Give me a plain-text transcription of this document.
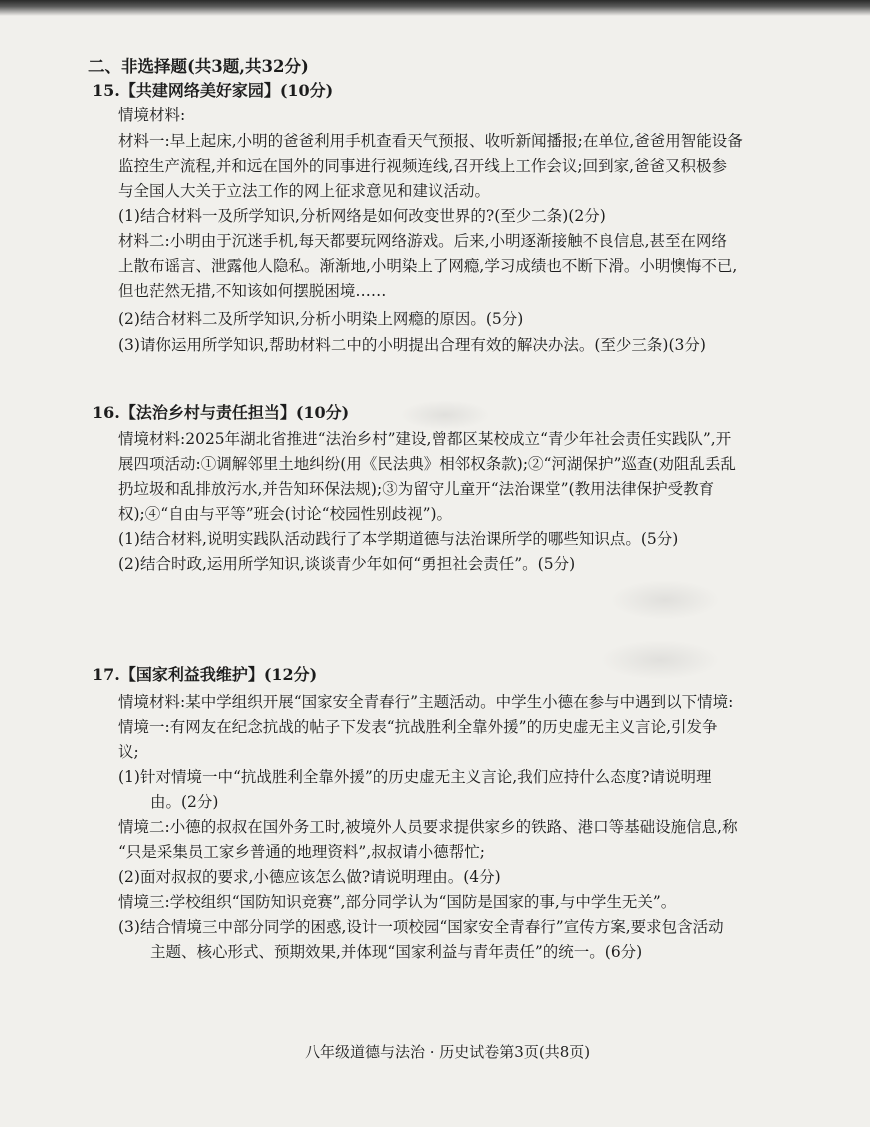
二、非选择题(共3题,共32分)
15.【共建网络美好家园】(10分)
情境材料:
材料一:早上起床,小明的爸爸利用手机查看天气预报、收听新闻播报;在单位,爸爸用智能设备
监控生产流程,并和远在国外的同事进行视频连线,召开线上工作会议;回到家,爸爸又积极参
与全国人大关于立法工作的网上征求意见和建议活动。
(1)结合材料一及所学知识,分析网络是如何改变世界的?(至少二条)(2分)
材料二:小明由于沉迷手机,每天都要玩网络游戏。后来,小明逐渐接触不良信息,甚至在网络
上散布谣言、泄露他人隐私。渐渐地,小明染上了网瘾,学习成绩也不断下滑。小明懊悔不已,
但也茫然无措,不知该如何摆脱困境……
(2)结合材料二及所学知识,分析小明染上网瘾的原因。(5分)
(3)请你运用所学知识,帮助材料二中的小明提出合理有效的解决办法。(至少三条)(3分)
16.【法治乡村与责任担当】(10分)
情境材料:2025年湖北省推进“法治乡村”建设,曾都区某校成立“青少年社会责任实践队”,开
展四项活动:①调解邻里土地纠纷(用《民法典》相邻权条款);②“河湖保护”巡查(劝阻乱丢乱
扔垃圾和乱排放污水,并告知环保法规);③为留守儿童开“法治课堂”(教用法律保护受教育
权);④“自由与平等”班会(讨论“校园性别歧视”)。
(1)结合材料,说明实践队活动践行了本学期道德与法治课所学的哪些知识点。(5分)
(2)结合时政,运用所学知识,谈谈青少年如何“勇担社会责任”。(5分)
17.【国家利益我维护】(12分)
情境材料:某中学组织开展“国家安全青春行”主题活动。中学生小德在参与中遇到以下情境:
情境一:有网友在纪念抗战的帖子下发表“抗战胜利全靠外援”的历史虚无主义言论,引发争
议;
(1)针对情境一中“抗战胜利全靠外援”的历史虚无主义言论,我们应持什么态度?请说明理
由。(2分)
情境二:小德的叔叔在国外务工时,被境外人员要求提供家乡的铁路、港口等基础设施信息,称
“只是采集员工家乡普通的地理资料”,叔叔请小德帮忙;
(2)面对叔叔的要求,小德应该怎么做?请说明理由。(4分)
情境三:学校组织“国防知识竞赛”,部分同学认为“国防是国家的事,与中学生无关”。
(3)结合情境三中部分同学的困惑,设计一项校园“国家安全青春行”宣传方案,要求包含活动
主题、核心形式、预期效果,并体现“国家利益与青年责任”的统一。(6分)
八年级道德与法治 · 历史试卷第3页(共8页)
